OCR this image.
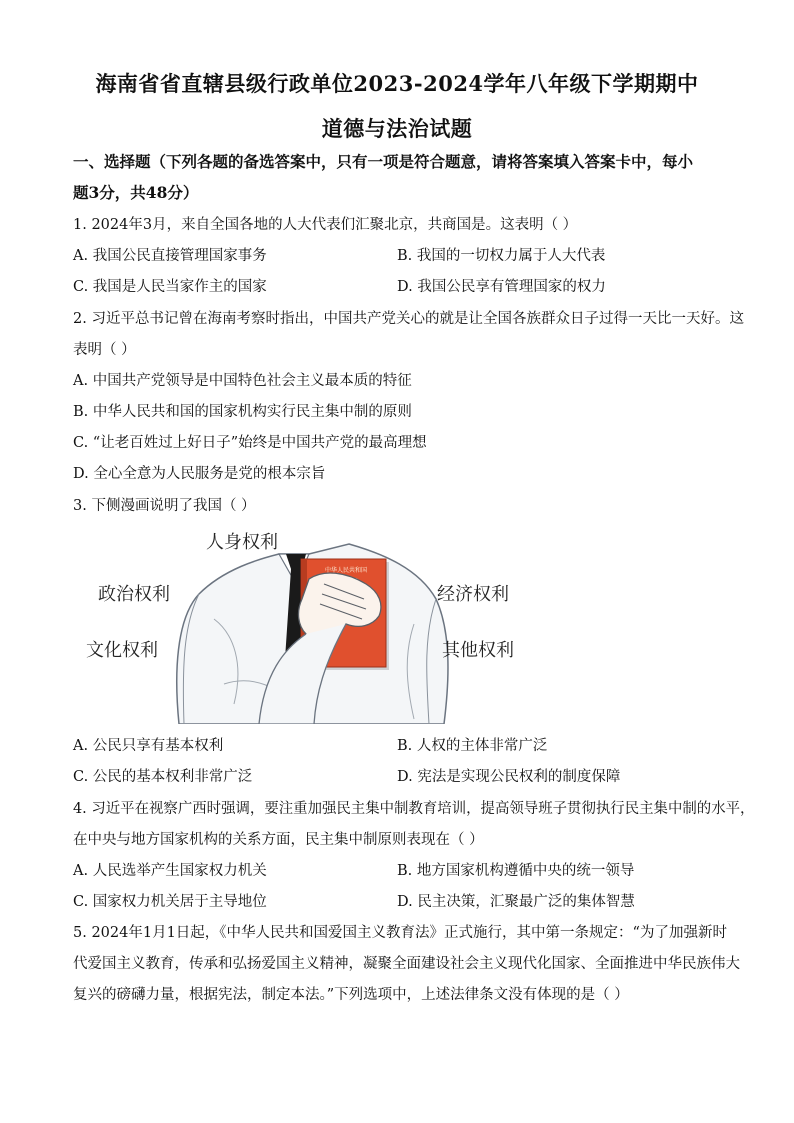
海南省省直辖县级行政单位2023-2024学年八年级下学期期中
道德与法治试题
一、选择题（下列各题的备选答案中，只有一项是符合题意，请将答案填入答案卡中，每小
题3分，共48分）
1. 2024年3月，来自全国各地的人大代表们汇聚北京，共商国是。这表明（ ）
A. 我国公民直接管理国家事务	B. 我国的一切权力属于人大代表
C. 我国是人民当家作主的国家	D. 我国公民享有管理国家的权力
2. 习近平总书记曾在海南考察时指出，中国共产党关心的就是让全国各族群众日子过得一天比一天好。这
表明（ ）
A. 中国共产党领导是中国特色社会主义最本质的特征
B. 中华人民共和国的国家机构实行民主集中制的原则
C. “让老百姓过上好日子”始终是中国共产党的最高理想
D. 全心全意为人民服务是党的根本宗旨
3. 下侧漫画说明了我国（ ）
中华人民共和国
人身权利
政治权利	经济权利
文化权利	其他权利
A. 公民只享有基本权利	B. 人权的主体非常广泛
C. 公民的基本权利非常广泛	D. 宪法是实现公民权利的制度保障
4. 习近平在视察广西时强调，要注重加强民主集中制教育培训，提高领导班子贯彻执行民主集中制的水平，
在中央与地方国家机构的关系方面，民主集中制原则表现在（ ）
A. 人民选举产生国家权力机关	B. 地方国家机构遵循中央的统一领导
C. 国家权力机关居于主导地位	D. 民主决策，汇聚最广泛的集体智慧
5. 2024年1月1日起，《中华人民共和国爱国主义教育法》正式施行，其中第一条规定：“为了加强新时
代爱国主义教育，传承和弘扬爱国主义精神，凝聚全面建设社会主义现代化国家、全面推进中华民族伟大
复兴的磅礴力量，根据宪法，制定本法。”下列选项中，上述法律条文没有体现的是（ ）
